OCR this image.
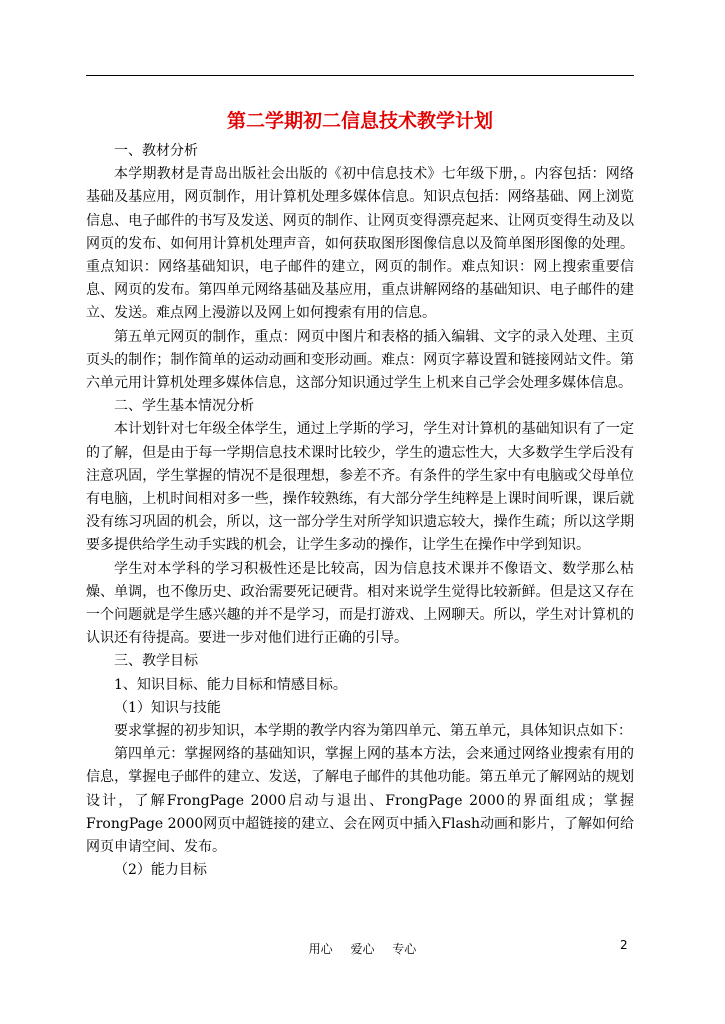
第二学期初二信息技术教学计划

一、教材分析

本学期教材是青岛出版社会出版的《初中信息技术》七年级下册，。内容包括：网络基础及基应用，网页制作，用计算机处理多媒体信息。知识点包括：网络基础、网上浏览信息、电子邮件的书写及发送、网页的制作、让网页变得漂亮起来、让网页变得生动及以网页的发布、如何用计算机处理声音，如何获取图形图像信息以及简单图形图像的处理。重点知识：网络基础知识，电子邮件的建立，网页的制作。难点知识：网上搜索重要信息、网页的发布。第四单元网络基础及基应用，重点讲解网络的基础知识、电子邮件的建立、发送。难点网上漫游以及网上如何搜索有用的信息。

第五单元网页的制作，重点：网页中图片和表格的插入编辑、文字的录入处理、主页页头的制作；制作简单的运动动画和变形动画。难点：网页字幕设置和链接网站文件。第六单元用计算机处理多媒体信息，这部分知识通过学生上机来自己学会处理多媒体信息。

二、学生基本情况分析

本计划针对七年级全体学生，通过上学斯的学习，学生对计算机的基础知识有了一定的了解，但是由于每一学期信息技术课时比较少，学生的遗忘性大，大多数学生学后没有注意巩固，学生掌握的情况不是很理想，参差不齐。有条件的学生家中有电脑或父母单位有电脑，上机时间相对多一些，操作较熟练，有大部分学生纯粹是上课时间听课，课后就没有练习巩固的机会，所以，这一部分学生对所学知识遗忘较大，操作生疏；所以这学期要多提供给学生动手实践的机会，让学生多动的操作，让学生在操作中学到知识。

学生对本学科的学习积极性还是比较高，因为信息技术课并不像语文、数学那么枯燥、单调，也不像历史、政治需要死记硬背。相对来说学生觉得比较新鲜。但是这又存在一个问题就是学生感兴趣的并不是学习，而是打游戏、上网聊天。所以，学生对计算机的认识还有待提高。要进一步对他们进行正确的引导。

三、教学目标

1、知识目标、能力目标和情感目标。

（1）知识与技能

要求掌握的初步知识，本学期的教学内容为第四单元、第五单元，具体知识点如下：

第四单元：掌握网络的基础知识，掌握上网的基本方法，会来通过网络业搜索有用的信息，掌握电子邮件的建立、发送，了解电子邮件的其他功能。第五单元了解网站的规划设计，了解FrongPage 2000启动与退出、FrongPage 2000的界面组成；掌握FrongPage 2000网页中超链接的建立、会在网页中插入Flash动画和影片，了解如何给网页申请空间、发布。

（2）能力目标

用心 爱心 专心	2
